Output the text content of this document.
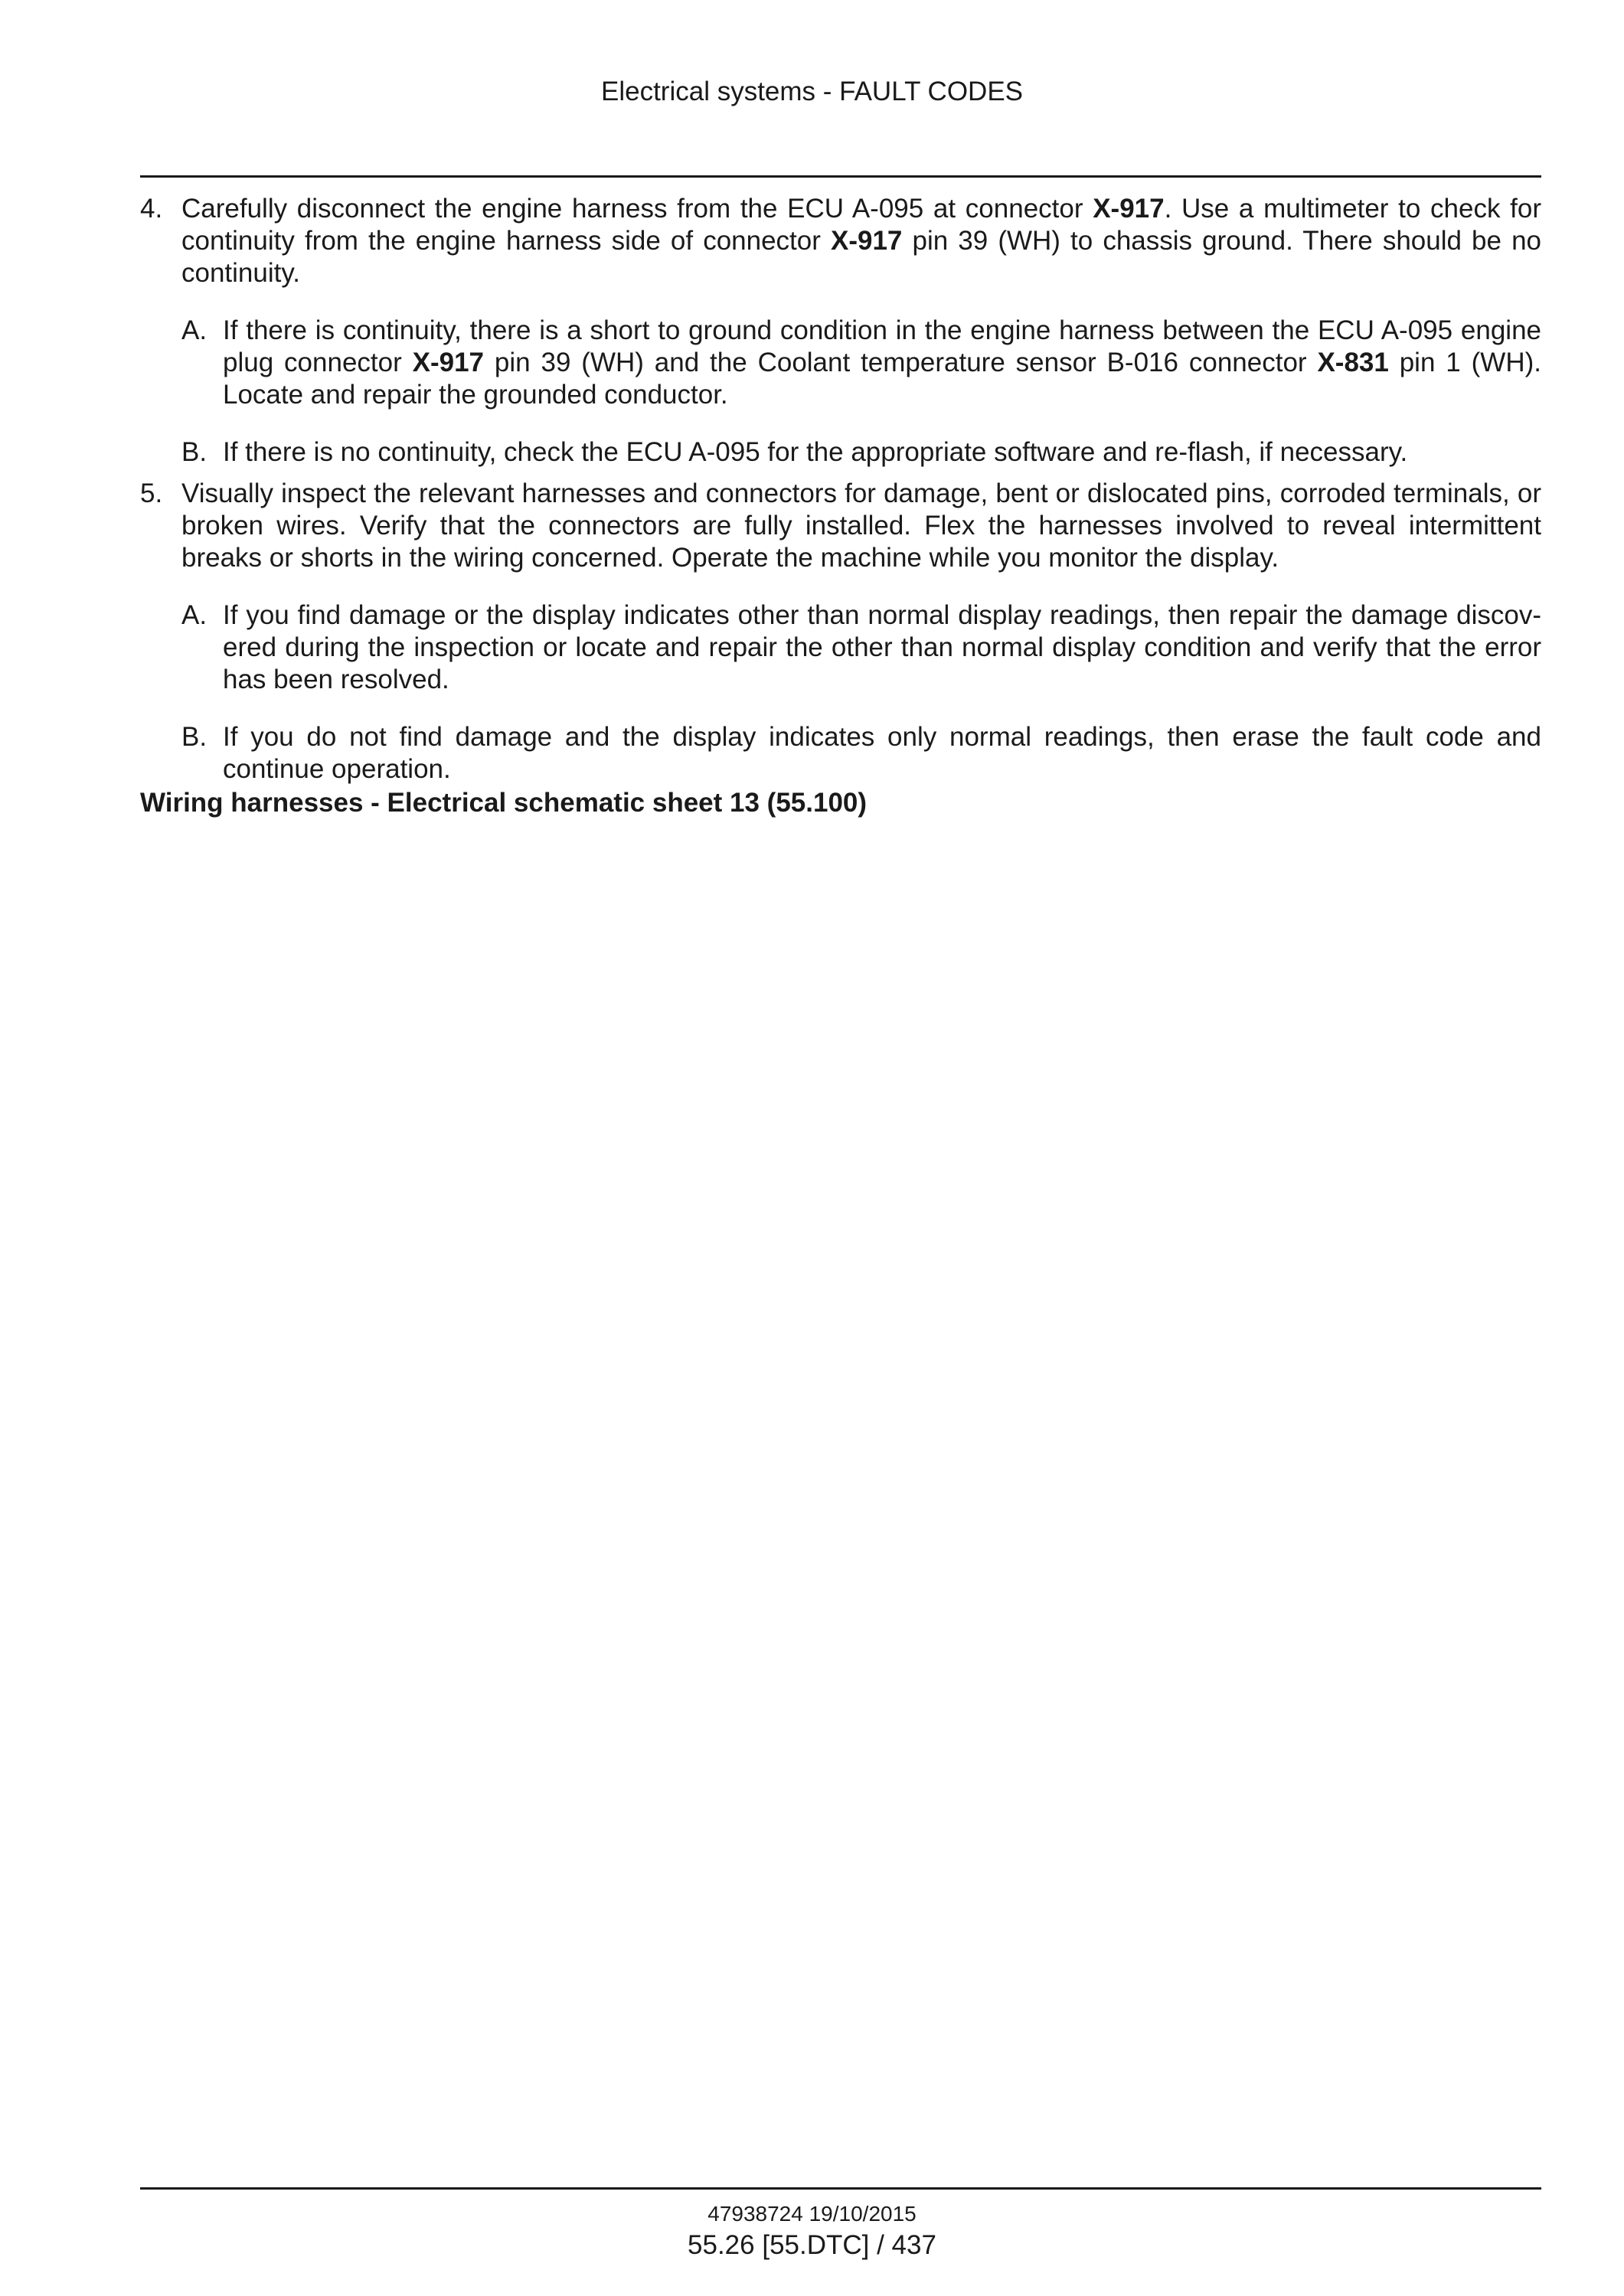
Electrical systems - FAULT CODES
4. Carefully disconnect the engine harness from the ECU A-095 at connector X-917. Use a multimeter to check for continuity from the engine harness side of connector X-917 pin 39 (WH) to chassis ground. There should be no continuity.
A. If there is continuity, there is a short to ground condition in the engine harness between the ECU A-095 engine plug connector X-917 pin 39 (WH) and the Coolant temperature sensor B-016 connector X-831 pin 1 (WH). Locate and repair the grounded conductor.
B. If there is no continuity, check the ECU A-095 for the appropriate software and re-flash, if necessary.
5. Visually inspect the relevant harnesses and connectors for damage, bent or dislocated pins, corroded terminals, or broken wires. Verify that the connectors are fully installed. Flex the harnesses involved to reveal intermittent breaks or shorts in the wiring concerned. Operate the machine while you monitor the display.
A. If you find damage or the display indicates other than normal display readings, then repair the damage discov-ered during the inspection or locate and repair the other than normal display condition and verify that the error has been resolved.
B. If you do not find damage and the display indicates only normal readings, then erase the fault code and continue operation.
Wiring harnesses - Electrical schematic sheet 13 (55.100)
47938724 19/10/2015
55.26 [55.DTC] / 437
